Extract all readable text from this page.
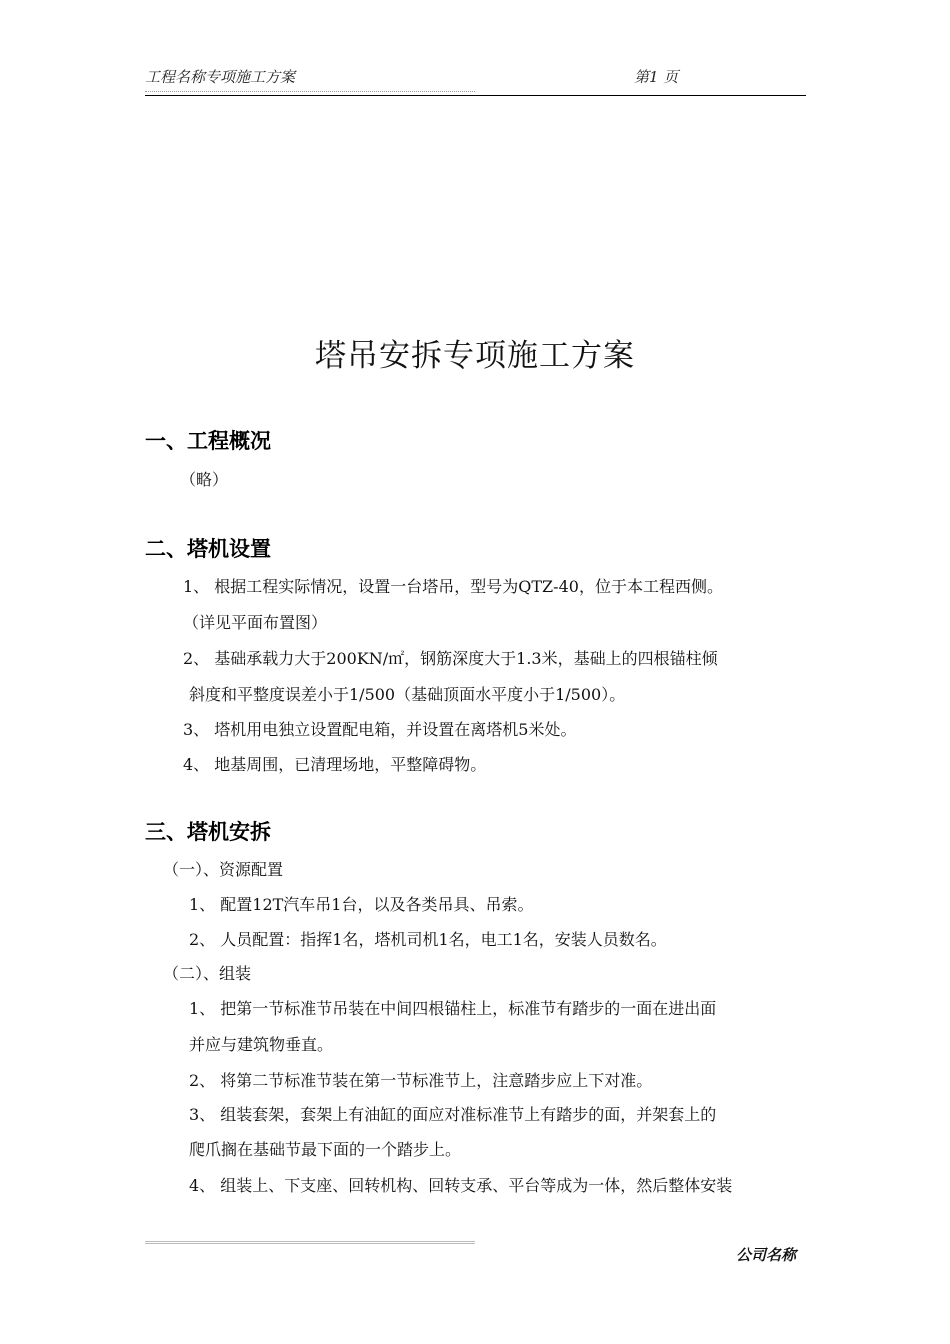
工程名称专项施工方案	第1 页
塔吊安拆专项施工方案
一、工程概况
（略）
二、塔机设置
1、 根据工程实际情况，设置一台塔吊，型号为QTZ-40，位于本工程西侧。
（详见平面布置图）
2、 基础承载力大于200KN/㎡，钢筋深度大于1.3米，基础上的四根锚柱倾
斜度和平整度误差小于1/500（基础顶面水平度小于1/500）。
3、 塔机用电独立设置配电箱，并设置在离塔机5米处。
4、 地基周围，已清理场地，平整障碍物。
三、塔机安拆
（一）、资源配置
1、 配置12T汽车吊1台，以及各类吊具、吊索。
2、 人员配置：指挥1名，塔机司机1名，电工1名，安装人员数名。
（二）、组装
1、 把第一节标准节吊装在中间四根锚柱上，标准节有踏步的一面在进出面
并应与建筑物垂直。
2、 将第二节标准节装在第一节标准节上，注意踏步应上下对准。
3、 组装套架，套架上有油缸的面应对准标准节上有踏步的面，并架套上的
爬爪搁在基础节最下面的一个踏步上。
4、 组装上、下支座、回转机构、回转支承、平台等成为一体，然后整体安装
公司名称
